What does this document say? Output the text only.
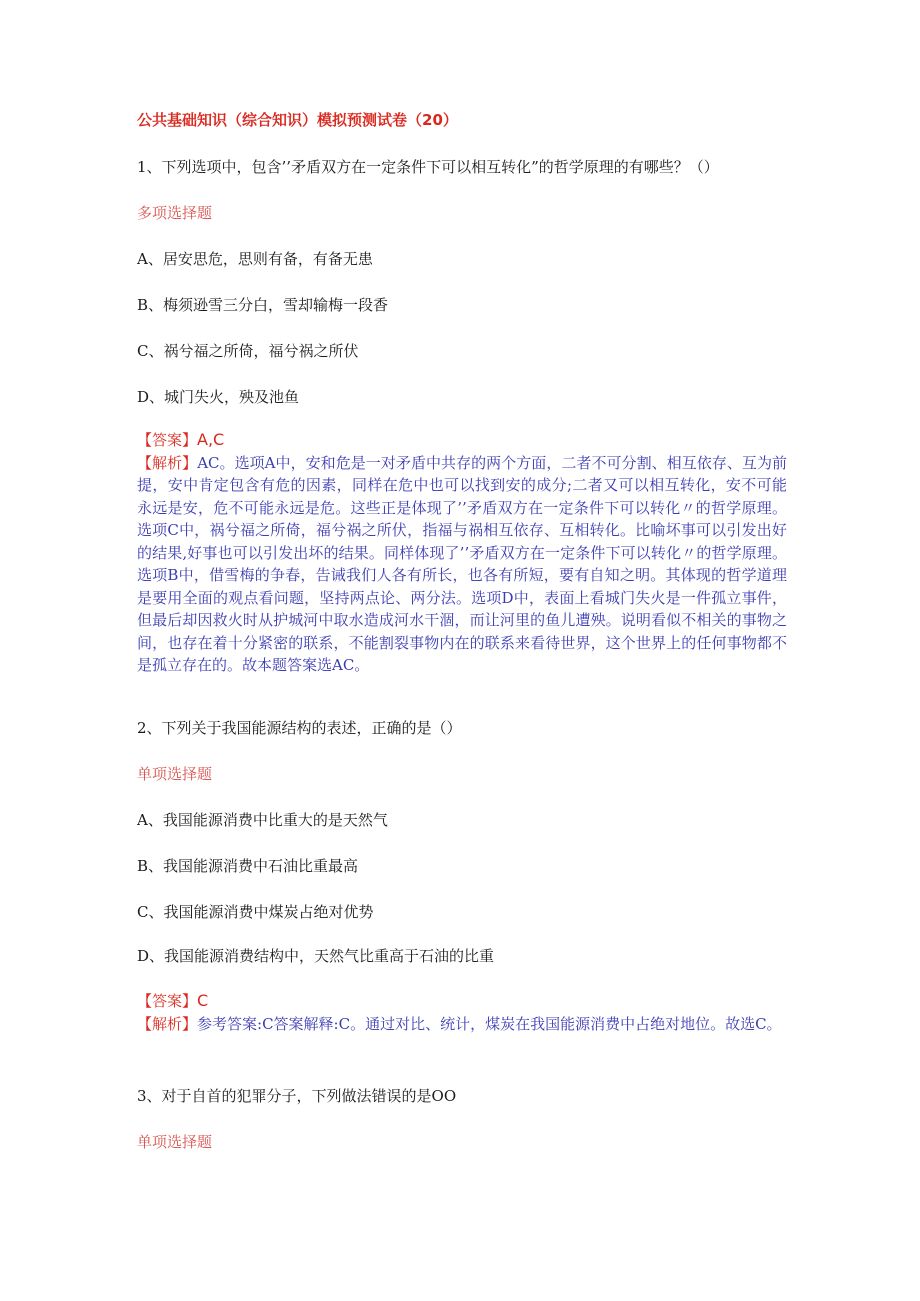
公共基础知识（综合知识）模拟预测试卷（20）
1、下列选项中，包含’’矛盾双方在一定条件下可以相互转化”的哲学原理的有哪些？（）
多项选择题
A、居安思危，思则有备，有备无患
B、梅须逊雪三分白，雪却输梅一段香
C、祸兮福之所倚，福兮祸之所伏
D、城门失火，殃及池鱼
【答案】A,C
【解析】AC。选项A中，安和危是一对矛盾中共存的两个方面，二者不可分割、相互依存、互为前提，安中肯定包含有危的因素，同样在危中也可以找到安的成分;二者又可以相互转化，安不可能永远是安，危不可能永远是危。这些正是体现了’’矛盾双方在一定条件下可以转化〃的哲学原理。选项C中，祸兮福之所倚，福兮祸之所伏，指福与祸相互依存、互相转化。比喻坏事可以引发出好的结果,好事也可以引发出坏的结果。同样体现了’’矛盾双方在一定条件下可以转化〃的哲学原理。选项B中，借雪梅的争春，告诫我们人各有所长，也各有所短，要有自知之明。其体现的哲学道理是要用全面的观点看问题，坚持两点论、两分法。选项D中，表面上看城门失火是一件孤立事件，但最后却因救火时从护城河中取水造成河水干涸，而让河里的鱼儿遭殃。说明看似不相关的事物之间，也存在着十分紧密的联系，不能割裂事物内在的联系来看待世界，这个世界上的任何事物都不是孤立存在的。故本题答案选AC。
2、下列关于我国能源结构的表述，正确的是（）
单项选择题
A、我国能源消费中比重大的是天然气
B、我国能源消费中石油比重最高
C、我国能源消费中煤炭占绝对优势
D、我国能源消费结构中，天然气比重高于石油的比重
【答案】C
【解析】参考答案:C答案解释:C。通过对比、统计，煤炭在我国能源消费中占绝对地位。故选C。
3、对于自首的犯罪分子，下列做法错误的是OO
单项选择题
